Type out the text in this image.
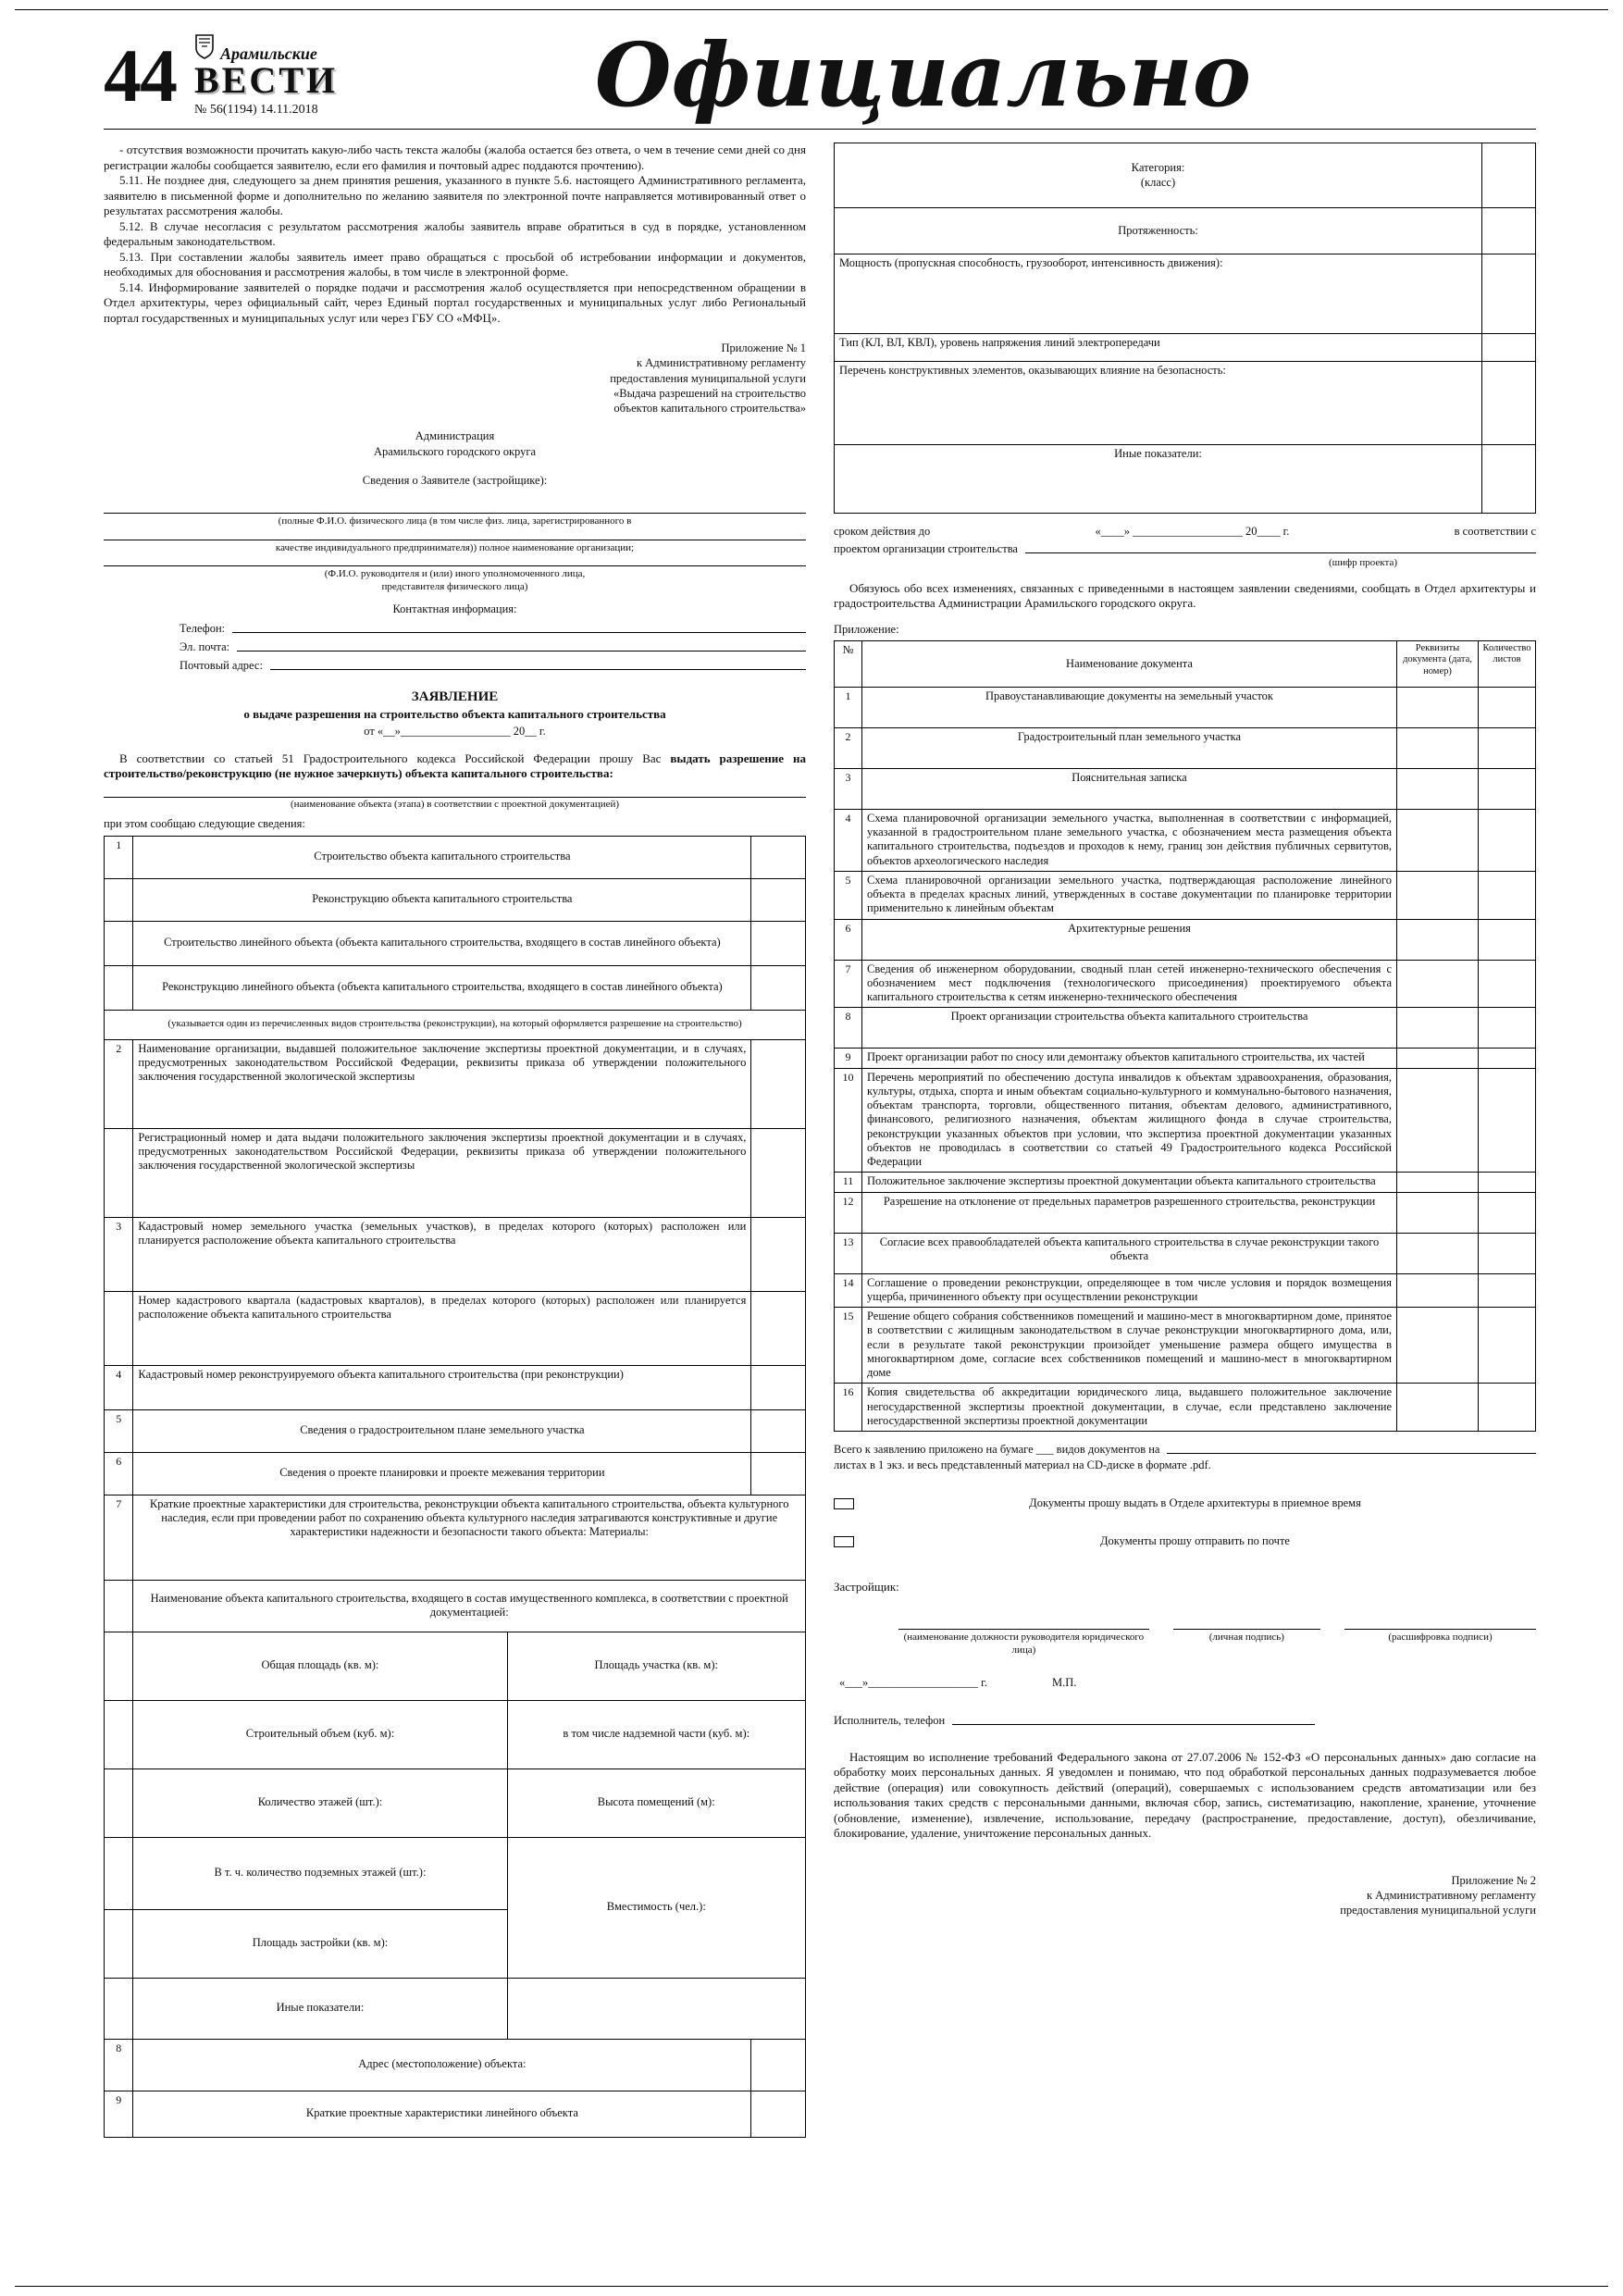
44	Арамильские
ВЕСТИ
№ 56(1194) 14.11.2018	Официально

- отсутствия возможности прочитать какую-либо часть текста жалобы (жалоба остается без ответа, о чем в течение семи дней со дня регистрации жалобы сообщается заявителю, если его фамилия и почтовый адрес поддаются прочтению).

5.11. Не позднее дня, следующего за днем принятия решения, указанного в пункте 5.6. настоящего Административного регламента, заявителю в письменной форме и дополнительно по желанию заявителя по электронной почте направляется мотивированный ответ о результатах рассмотрения жалобы.

5.12. В случае несогласия с результатом рассмотрения жалобы заявитель вправе обратиться в суд в порядке, установленном федеральным законодательством.

5.13. При составлении жалобы заявитель имеет право обращаться с просьбой об истребовании информации и документов, необходимых для обоснования и рассмотрения жалобы, в том числе в электронной форме.

5.14. Информирование заявителей о порядке подачи и рассмотрения жалоб осуществляется при непосредственном обращении в Отдел архитектуры, через официальный сайт, через Единый портал государственных и муниципальных услуг либо Региональный портал государственных и муниципальных услуг или через ГБУ СО «МФЦ».

Приложение № 1
к Административному регламенту
предоставления муниципальной услуги
«Выдача разрешений на строительство
объектов капитального строительства»
Администрация
Арамильского городского округа
Сведения о Заявителе (застройщике):
(полные Ф.И.О. физического лица (в том числе физ. лица, зарегистрированного в
качестве индивидуального предпринимателя)) полное наименование организации;
(Ф.И.О. руководителя и (или) иного уполномоченного лица,
представителя физического лица)
Контактная информация:
Телефон:
Эл. почта:
Почтовый адрес:
ЗАЯВЛЕНИЕ
о выдаче разрешения на строительство объекта капитального строительства
от «__»___________________ 20__ г.

В соответствии со статьей 51 Градостроительного кодекса Российской Федерации прошу Вас выдать разрешение на строительство/реконструкцию (не нужное зачеркнуть) объекта капитального строительства:

(наименование объекта (этапа) в соответствии с проектной документацией)
при этом сообщаю следующие сведения:
1	Строительство объекта капитального строительства		
	Реконструкцию объекта капитального строительства		
	Строительство линейного объекта (объекта капитального строительства, входящего в состав линейного объекта)		
	Реконструкцию линейного объекта (объекта капитального строительства, входящего в состав линейного объекта)		
(указывается один из перечисленных видов строительства (реконструкции), на который оформляется разрешение на строительство)			
2	Наименование организации, выдавшей положительное заключение экспертизы проектной документации, и в случаях, предусмотренных законодательством Российской Федерации, реквизиты приказа об утверждении положительного заключения государственной экологической экспертизы		
	Регистрационный номер и дата выдачи положительного заключения экспертизы проектной документации и в случаях, предусмотренных законодательством Российской Федерации, реквизиты приказа об утверждении положительного заключения государственной экологической экспертизы		
3	Кадастровый номер земельного участка (земельных участков), в пределах которого (которых) расположен или планируется расположение объекта капитального строительства		
	Номер кадастрового квартала (кадастровых кварталов), в пределах которого (которых) расположен или планируется расположение объекта капитального строительства		
4	Кадастровый номер реконструируемого объекта капитального строительства (при реконструкции)		
5	Сведения о градостроительном плане земельного участка		
6	Сведения о проекте планировки и проекте межевания территории		
7	Краткие проектные характеристики для строительства, реконструкции объекта капитального строительства, объекта культурного наследия, если при проведении работ по сохранению объекта культурного наследия затрагиваются конструктивные и другие характеристики надежности и безопасности такого объекта: Материалы:		
	Наименование объекта капитального строительства, входящего в состав имущественного комплекса, в соответствии с проектной документацией:		
	Общая площадь (кв. м):	Площадь участка (кв. м):	
	Строительный объем (куб. м):	в том числе надземной части (куб. м):	
	Количество этажей (шт.):	Высота помещений (м):	
	В т. ч. количество подземных этажей (шт.):	Вместимость (чел.):	
	Площадь застройки (кв. м):		
	Иные показатели:		
8	Адрес (местоположение) объекта:		
9	Краткие проектные характеристики линейного объекта		
Категория:
(класс)	

Протяженность:	
Мощность (пропускная способность, грузооборот, интенсивность движения):	
Тип (КЛ, ВЛ, КВЛ), уровень напряжения линий электропередачи	
Перечень конструктивных элементов, оказывающих влияние на безопасность:	
Иные показатели:	
сроком действия до	«____» ___________________ 20____ г.	в соответствии с
проектом организации строительства
(шифр проекта)

Обязуюсь обо всех изменениях, связанных с приведенными в настоящем заявлении сведениями, сообщать в Отдел архитектуры и градостроительства Администрации Арамильского городского округа.

Приложение:
№	Наименование документа	Реквизиты документа (дата, номер)	Количество листов
1	Правоустанавливающие документы на земельный участок		
2	Градостроительный план земельного участка		
3	Пояснительная записка		
4	Схема планировочной организации земельного участка, выполненная в соответствии с информацией, указанной в градостроительном плане земельного участка, с обозначением места размещения объекта капитального строительства, подъездов и проходов к нему, границ зон действия публичных сервитутов, объектов археологического наследия		
5	Схема планировочной организации земельного участка, подтверждающая расположение линейного объекта в пределах красных линий, утвержденных в составе документации по планировке территории применительно к линейным объектам		
6	Архитектурные решения		
7	Сведения об инженерном оборудовании, сводный план сетей инженерно-технического обеспечения с обозначением мест подключения (технологического присоединения) проектируемого объекта капитального строительства к сетям инженерно-технического обеспечения		
8	Проект организации строительства объекта капитального строительства		
9	Проект организации работ по сносу или демонтажу объектов капитального строительства, их частей		
10	Перечень мероприятий по обеспечению доступа инвалидов к объектам здравоохранения, образования, культуры, отдыха, спорта и иным объектам социально-культурного и коммунально-бытового назначения, объектам транспорта, торговли, общественного питания, объектам делового, административного, финансового, религиозного назначения, объектам жилищного фонда в случае строительства, реконструкции указанных объектов при условии, что экспертиза проектной документации указанных объектов не проводилась в соответствии со статьей 49 Градостроительного кодекса Российской Федерации		
11	Положительное заключение экспертизы проектной документации объекта капитального строительства		
12	Разрешение на отклонение от предельных параметров разрешенного строительства, реконструкции		
13	Согласие всех правообладателей объекта капитального строительства в случае реконструкции такого объекта		
14	Соглашение о проведении реконструкции, определяющее в том числе условия и порядок возмещения ущерба, причиненного объекту при осуществлении реконструкции		
15	Решение общего собрания собственников помещений и машино-мест в многоквартирном доме, принятое в соответствии с жилищным законодательством в случае реконструкции многоквартирного дома, или, если в результате такой реконструкции произойдет уменьшение размера общего имущества в многоквартирном доме, согласие всех собственников помещений и машино-мест в многоквартирном доме		
16	Копия свидетельства об аккредитации юридического лица, выдавшего положительное заключение негосударственной экспертизы проектной документации, в случае, если представлено заключение негосударственной экспертизы проектной документации		
Всего к заявлению приложено на бумаге ___ видов документов на
листах в 1 экз. и весь представленный материал на CD-диске в формате .pdf.
Документы прошу выдать в Отделе архитектуры в приемное время
Документы прошу отправить по почте
Застройщик:
(наименование должности руководителя юридического лица)
(личная подпись)	(расшифровка подписи)
«___»___________________ г.	М.П.
Исполнитель, телефон

Настоящим во исполнение требований Федерального закона от 27.07.2006 № 152-ФЗ «О персональных данных» даю согласие на обработку моих персональных данных. Я уведомлен и понимаю, что под обработкой персональных данных подразумевается любое действие (операция) или совокупность действий (операций), совершаемых с использованием средств автоматизации или без использования таких средств с персональными данными, включая сбор, запись, систематизацию, накопление, хранение, уточнение (обновление, изменение), извлечение, использование, передачу (распространение, предоставление, доступ), обезличивание, блокирование, удаление, уничтожение персональных данных.

Приложение № 2
к Административному регламенту
предоставления муниципальной услуги
